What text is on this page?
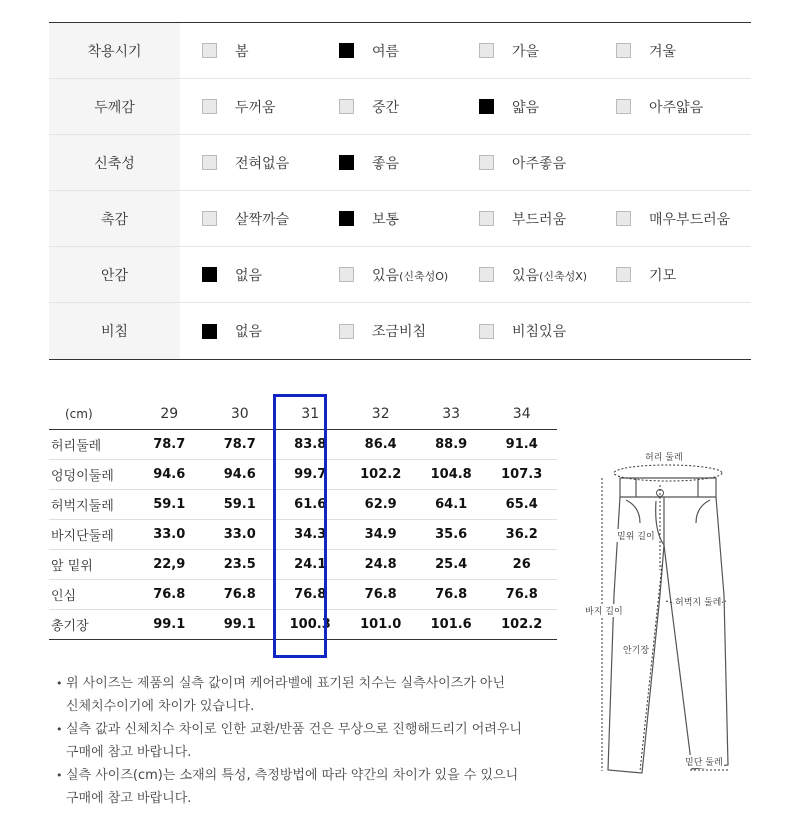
착용시기	봄	여름	가을	겨울
두께감	두꺼움	중간	얇음	아주얇음
신축성	전혀없음	좋음	아주좋음
촉감	살짝까슬	보통	부드러움	매우부드러움
안감	없음	있음(신축성O)	있음(신축성X)	기모
비침	없음	조금비침	비침있음
(cm)	29	30	31	32	33	34
허리둘레	78.7	78.7	83.8	86.4	88.9	91.4
엉덩이둘레	94.6	94.6	99.7	102.2	104.8	107.3
허벅지둘레	59.1	59.1	61.6	62.9	64.1	65.4
바지단둘레	33.0	33.0	34.3	34.9	35.6	36.2
앞 밑위	22,9	23.5	24.1	24.8	25.4	26
인심	76.8	76.8	76.8	76.8	76.8	76.8
총기장	99.1	99.1	100.3	101.0	101.6	102.2
• 위 사이즈는 제품의 실측 값이며 케어라벨에 표기된 치수는 실측사이즈가 아닌
신체치수이기에 차이가 있습니다.
• 실측 값과 신체치수 차이로 인한 교환/반품 건은 무상으로 진행해드리기 어려우니
구매에 참고 바랍니다.
• 실측 사이즈(cm)는 소재의 특성, 측정방법에 따라 약간의 차이가 있을 수 있으니
구매에 참고 바랍니다.
허리 둘레
밑위 길이
허벅지 둘레
바지 길이
안기장
밑단 둘레
